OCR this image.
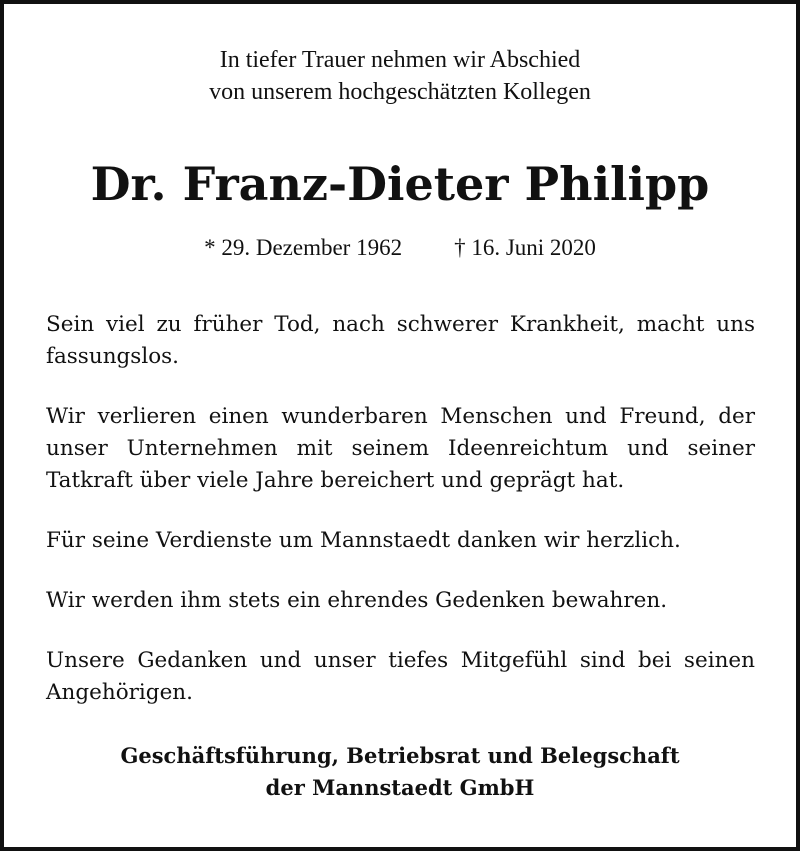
In tiefer Trauer nehmen wir Abschied
von unserem hochgeschätzten Kollegen
Dr. Franz-Dieter Philipp
* 29. Dezember 1962 † 16. Juni 2020

Sein viel zu früher Tod, nach schwerer Krankheit, macht uns fassungslos.

Wir verlieren einen wunderbaren Menschen und Freund, der unser Unternehmen mit seinem Ideenreichtum und seiner Tatkraft über viele Jahre bereichert und geprägt hat.

Für seine Verdienste um Mannstaedt danken wir herzlich.

Wir werden ihm stets ein ehrendes Gedenken bewahren.

Unsere Gedanken und unser tiefes Mitgefühl sind bei seinen Angehörigen.

Geschäftsführung, Betriebsrat und Belegschaft
der Mannstaedt GmbH
